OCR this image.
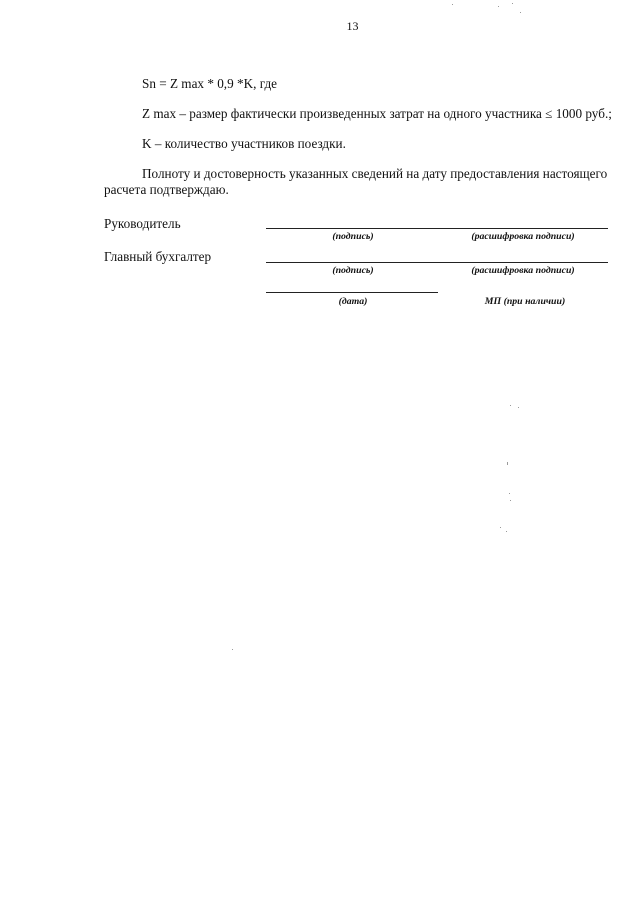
13
Sn = Z max * 0,9 *K, где
Z max – размер фактически произведенных затрат на одного участника ≤ 1000 руб.;
K – количество участников поездки.
Полноту и достоверность указанных сведений на дату предоставления настоящего
расчета подтверждаю.
Руководитель
(подпись)	(расшифровка подписи)
Главный бухгалтер
(подпись)	(расшифровка подписи)
(дата)	МП (при наличии)
